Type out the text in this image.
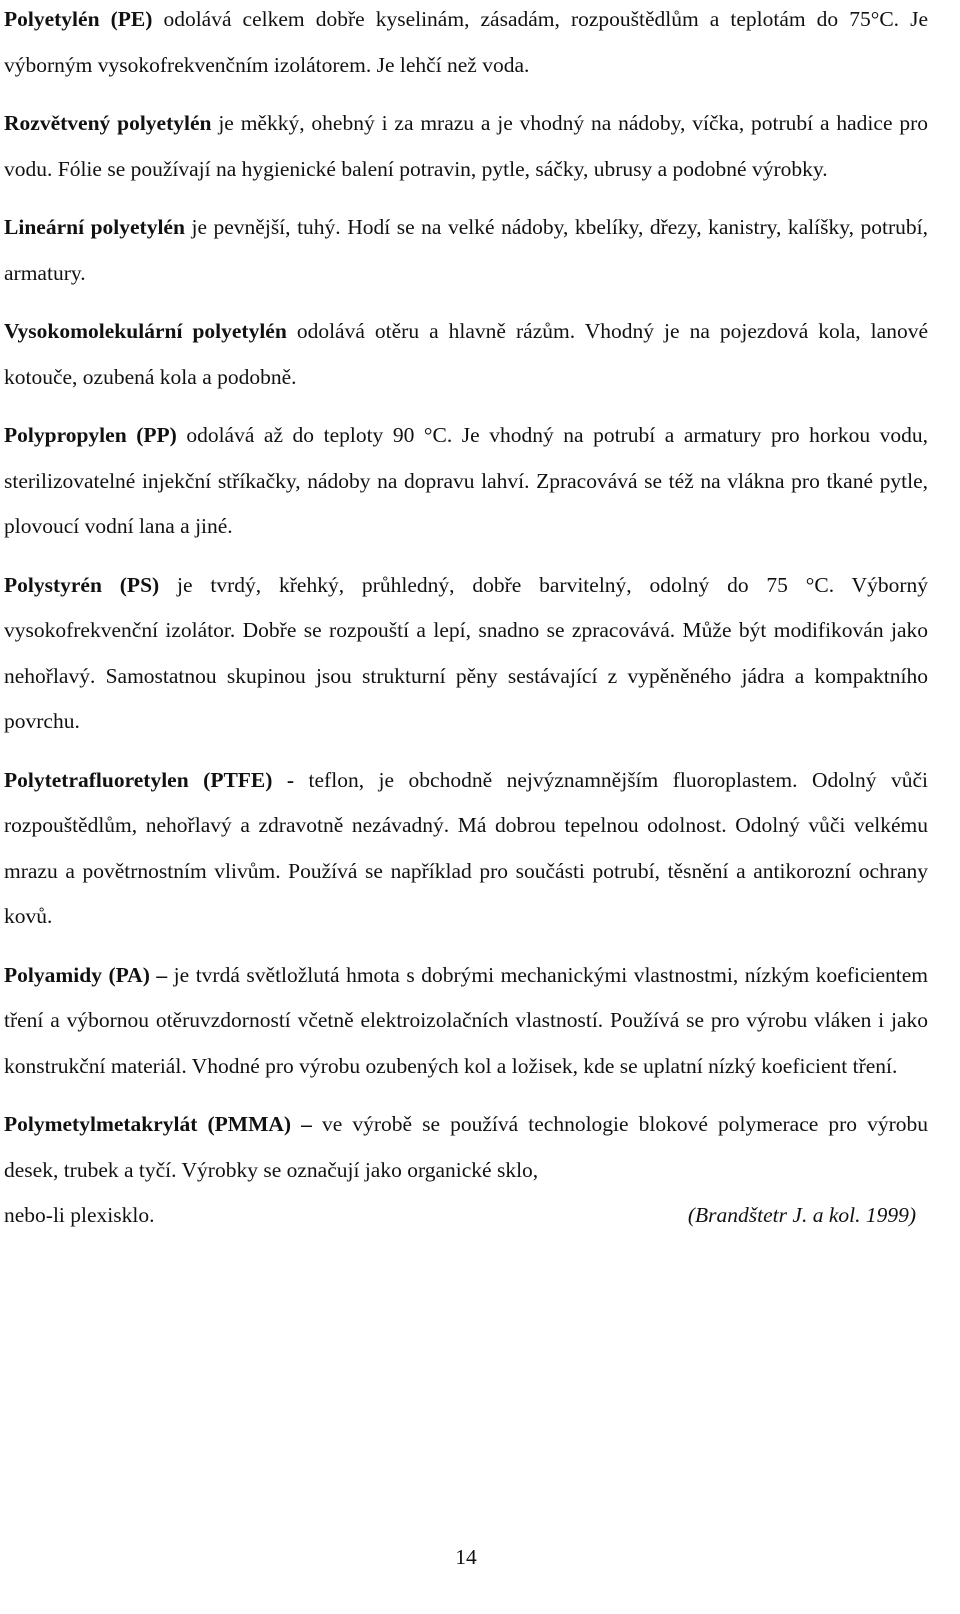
Polyetylén (PE) odolává celkem dobře kyselinám, zásadám, rozpouštědlům a teplotám do 75°C. Je výborným vysokofrekvenčním izolátorem. Je lehčí než voda.

Rozvětvený polyetylén je měkký, ohebný i za mrazu a je vhodný na nádoby, víčka, potrubí a hadice pro vodu. Fólie se používají na hygienické balení potravin, pytle, sáčky, ubrusy a podobné výrobky.

Lineární polyetylén je pevnější, tuhý. Hodí se na velké nádoby, kbelíky, dřezy, kanistry, kalíšky, potrubí, armatury.

Vysokomolekulární polyetylén odolává otěru a hlavně rázům. Vhodný je na pojezdová kola, lanové kotouče, ozubená kola a podobně.

Polypropylen (PP) odolává až do teploty 90 °C. Je vhodný na potrubí a armatury pro horkou vodu, sterilizovatelné injekční stříkačky, nádoby na dopravu lahví. Zpracovává se též na vlákna pro tkané pytle, plovoucí vodní lana a jiné.

Polystyrén (PS) je tvrdý, křehký, průhledný, dobře barvitelný, odolný do 75 °C. Výborný vysokofrekvenční izolátor. Dobře se rozpouští a lepí, snadno se zpracovává. Může být modifikován jako nehořlavý. Samostatnou skupinou jsou strukturní pěny sestávající z vypěněného jádra a kompaktního povrchu.

Polytetrafluoretylen (PTFE) - teflon, je obchodně nejvýznamnějším fluoroplastem. Odolný vůči rozpouštědlům, nehořlavý a zdravotně nezávadný. Má dobrou tepelnou odolnost. Odolný vůči velkému mrazu a povětrnostním vlivům. Používá se například pro součásti potrubí, těsnění a antikorozní ochrany kovů.

Polyamidy (PA) – je tvrdá světložlutá hmota s dobrými mechanickými vlastnostmi, nízkým koeficientem tření a výbornou otěruvzdorností včetně elektroizolačních vlastností. Používá se pro výrobu vláken i jako konstrukční materiál. Vhodné pro výrobu ozubených kol a ložisek, kde se uplatní nízký koeficient tření.

Polymetylmetakrylát (PMMA) – ve výrobě se používá technologie blokové polymerace pro výrobu desek, trubek a tyčí. Výrobky se označují jako organické sklo,

nebo-li plexisklo.	(Brandštetr J. a kol. 1999)
14
